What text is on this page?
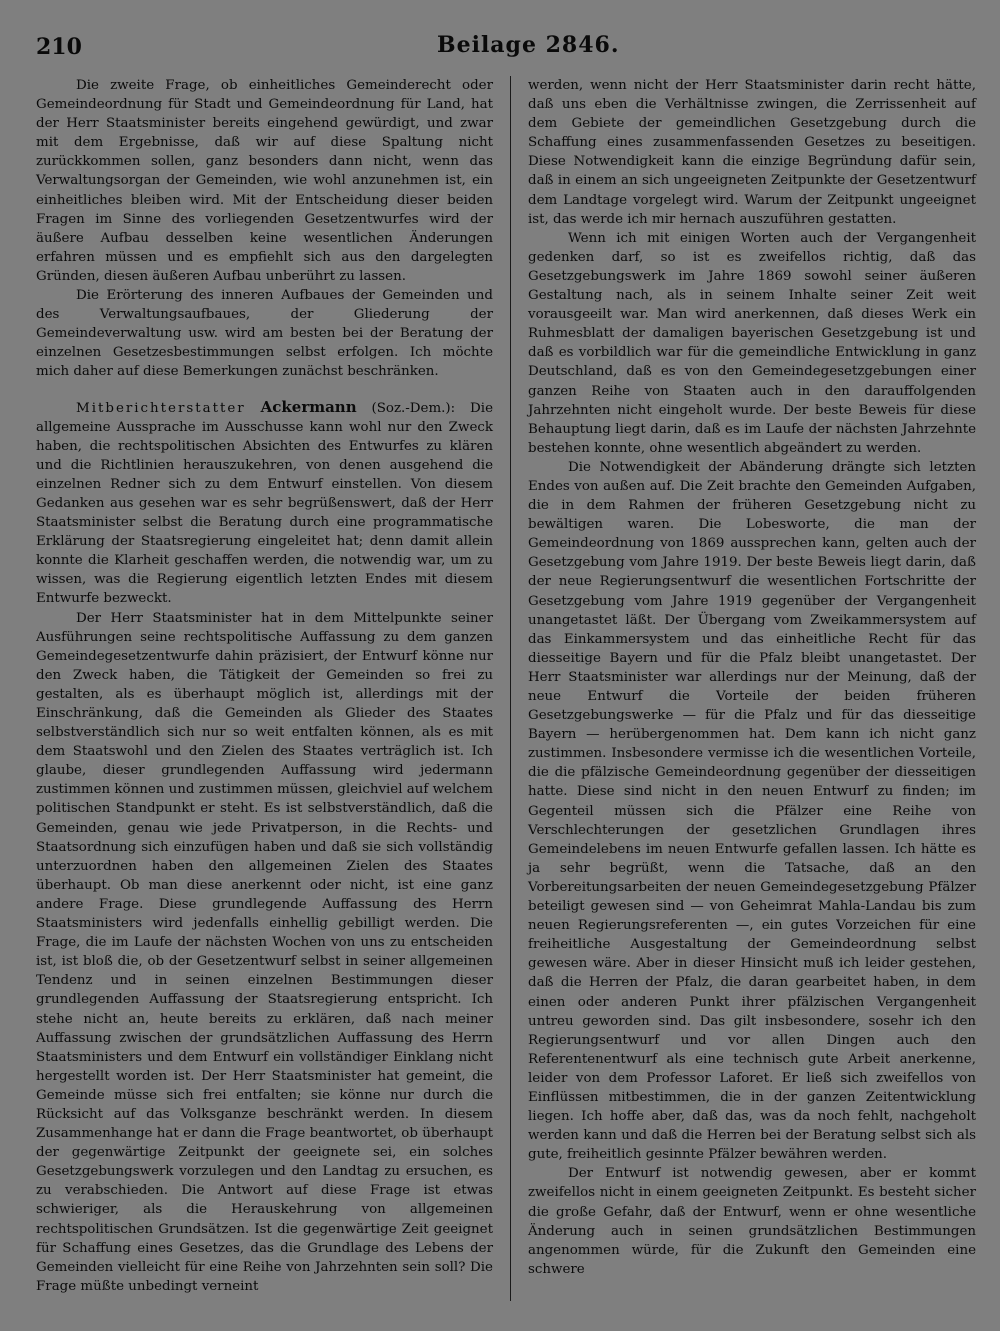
210	Beilage 2846.

Die zweite Frage, ob einheitliches Gemeinderecht oder Gemeindeordnung für Stadt und Gemeindeordnung für Land, hat der Herr Staatsminister bereits eingehend gewürdigt, und zwar mit dem Ergebnisse, daß wir auf diese Spaltung nicht zurückkommen sollen, ganz besonders dann nicht, wenn das Verwaltungsorgan der Gemeinden, wie wohl anzunehmen ist, ein einheitliches bleiben wird. Mit der Entscheidung dieser beiden Fragen im Sinne des vorliegenden Gesetzentwurfes wird der äußere Aufbau desselben keine wesentlichen Änderungen erfahren müssen und es empfiehlt sich aus den dargelegten Gründen, diesen äußeren Aufbau unberührt zu lassen.

Die Erörterung des inneren Aufbaues der Gemeinden und des Verwaltungsaufbaues, der Gliederung der Gemeindeverwaltung usw. wird am besten bei der Beratung der einzelnen Gesetzesbestimmungen selbst erfolgen. Ich möchte mich daher auf diese Bemerkungen zunächst beschränken.

Mitberichterstatter Ackermann (Soz.-Dem.): Die allgemeine Aussprache im Ausschusse kann wohl nur den Zweck haben, die rechtspolitischen Absichten des Entwurfes zu klären und die Richtlinien herauszukehren, von denen ausgehend die einzelnen Redner sich zu dem Entwurf einstellen. Von diesem Gedanken aus gesehen war es sehr begrüßenswert, daß der Herr Staatsminister selbst die Beratung durch eine programmatische Erklärung der Staatsregierung eingeleitet hat; denn damit allein konnte die Klarheit geschaffen werden, die notwendig war, um zu wissen, was die Regierung eigentlich letzten Endes mit diesem Entwurfe bezweckt.

Der Herr Staatsminister hat in dem Mittelpunkte seiner Ausführungen seine rechtspolitische Auffassung zu dem ganzen Gemeindegesetzentwurfe dahin präzisiert, der Entwurf könne nur den Zweck haben, die Tätigkeit der Gemeinden so frei zu gestalten, als es überhaupt möglich ist, allerdings mit der Einschränkung, daß die Gemeinden als Glieder des Staates selbstverständlich sich nur so weit entfalten können, als es mit dem Staatswohl und den Zielen des Staates verträglich ist. Ich glaube, dieser grundlegenden Auffassung wird jedermann zustimmen können und zustimmen müssen, gleichviel auf welchem politischen Standpunkt er steht. Es ist selbstverständlich, daß die Gemeinden, genau wie jede Privatperson, in die Rechts- und Staatsordnung sich einzufügen haben und daß sie sich vollständig unterzuordnen haben den allgemeinen Zielen des Staates überhaupt. Ob man diese anerkennt oder nicht, ist eine ganz andere Frage. Diese grundlegende Auffassung des Herrn Staatsministers wird jedenfalls einhellig gebilligt werden. Die Frage, die im Laufe der nächsten Wochen von uns zu entscheiden ist, ist bloß die, ob der Gesetzentwurf selbst in seiner allgemeinen Tendenz und in seinen einzelnen Bestimmungen dieser grundlegenden Auffassung der Staatsregierung entspricht. Ich stehe nicht an, heute bereits zu erklären, daß nach meiner Auffassung zwischen der grundsätzlichen Auffassung des Herrn Staatsministers und dem Entwurf ein vollständiger Einklang nicht hergestellt worden ist. Der Herr Staatsminister hat gemeint, die Gemeinde müsse sich frei entfalten; sie könne nur durch die Rücksicht auf das Volksganze beschränkt werden. In diesem Zusammenhange hat er dann die Frage beantwortet, ob überhaupt der gegenwärtige Zeitpunkt der geeignete sei, ein solches Gesetzgebungswerk vorzulegen und den Landtag zu ersuchen, es zu verabschieden. Die Antwort auf diese Frage ist etwas schwieriger, als die Herauskehrung von allgemeinen rechtspolitischen Grundsätzen. Ist die gegenwärtige Zeit geeignet für Schaffung eines Gesetzes, das die Grundlage des Lebens der Gemeinden vielleicht für eine Reihe von Jahrzehnten sein soll? Die Frage müßte unbedingt verneint

werden, wenn nicht der Herr Staatsminister darin recht hätte, daß uns eben die Verhältnisse zwingen, die Zerrissenheit auf dem Gebiete der gemeindlichen Gesetzgebung durch die Schaffung eines zusammenfassenden Gesetzes zu beseitigen. Diese Notwendigkeit kann die einzige Begründung dafür sein, daß in einem an sich ungeeigneten Zeitpunkte der Gesetzentwurf dem Landtage vorgelegt wird. Warum der Zeitpunkt ungeeignet ist, das werde ich mir hernach auszuführen gestatten.

Wenn ich mit einigen Worten auch der Vergangenheit gedenken darf, so ist es zweifellos richtig, daß das Gesetzgebungswerk im Jahre 1869 sowohl seiner äußeren Gestaltung nach, als in seinem Inhalte seiner Zeit weit vorausgeeilt war. Man wird anerkennen, daß dieses Werk ein Ruhmesblatt der damaligen bayerischen Gesetzgebung ist und daß es vorbildlich war für die gemeindliche Entwicklung in ganz Deutschland, daß es von den Gemeindegesetzgebungen einer ganzen Reihe von Staaten auch in den darauffolgenden Jahrzehnten nicht eingeholt wurde. Der beste Beweis für diese Behauptung liegt darin, daß es im Laufe der nächsten Jahrzehnte bestehen konnte, ohne wesentlich abgeändert zu werden.

Die Notwendigkeit der Abänderung drängte sich letzten Endes von außen auf. Die Zeit brachte den Gemeinden Aufgaben, die in dem Rahmen der früheren Gesetzgebung nicht zu bewältigen waren. Die Lobesworte, die man der Gemeindeordnung von 1869 aussprechen kann, gelten auch der Gesetzgebung vom Jahre 1919. Der beste Beweis liegt darin, daß der neue Regierungsentwurf die wesentlichen Fortschritte der Gesetzgebung vom Jahre 1919 gegenüber der Vergangenheit unangetastet läßt. Der Übergang vom Zweikammersystem auf das Einkammersystem und das einheitliche Recht für das diesseitige Bayern und für die Pfalz bleibt unangetastet. Der Herr Staatsminister war allerdings nur der Meinung, daß der neue Entwurf die Vorteile der beiden früheren Gesetzgebungswerke — für die Pfalz und für das diesseitige Bayern — herübergenommen hat. Dem kann ich nicht ganz zustimmen. Insbesondere vermisse ich die wesentlichen Vorteile, die die pfälzische Gemeindeordnung gegenüber der diesseitigen hatte. Diese sind nicht in den neuen Entwurf zu finden; im Gegenteil müssen sich die Pfälzer eine Reihe von Verschlechterungen der gesetzlichen Grundlagen ihres Gemeindelebens im neuen Entwurfe gefallen lassen. Ich hätte es ja sehr begrüßt, wenn die Tatsache, daß an den Vorbereitungsarbeiten der neuen Gemeindegesetzgebung Pfälzer beteiligt gewesen sind — von Geheimrat Mahla-Landau bis zum neuen Regierungsreferenten —, ein gutes Vorzeichen für eine freiheitliche Ausgestaltung der Gemeindeordnung selbst gewesen wäre. Aber in dieser Hinsicht muß ich leider gestehen, daß die Herren der Pfalz, die daran gearbeitet haben, in dem einen oder anderen Punkt ihrer pfälzischen Vergangenheit untreu geworden sind. Das gilt insbesondere, sosehr ich den Regierungsentwurf und vor allen Dingen auch den Referentenentwurf als eine technisch gute Arbeit anerkenne, leider von dem Professor Laforet. Er ließ sich zweifellos von Einflüssen mitbestimmen, die in der ganzen Zeitentwicklung liegen. Ich hoffe aber, daß das, was da noch fehlt, nachgeholt werden kann und daß die Herren bei der Beratung selbst sich als gute, freiheitlich gesinnte Pfälzer bewähren werden.

Der Entwurf ist notwendig gewesen, aber er kommt zweifellos nicht in einem geeigneten Zeitpunkt. Es besteht sicher die große Gefahr, daß der Entwurf, wenn er ohne wesentliche Änderung auch in seinen grundsätzlichen Bestimmungen angenommen würde, für die Zukunft den Gemeinden eine schwere
